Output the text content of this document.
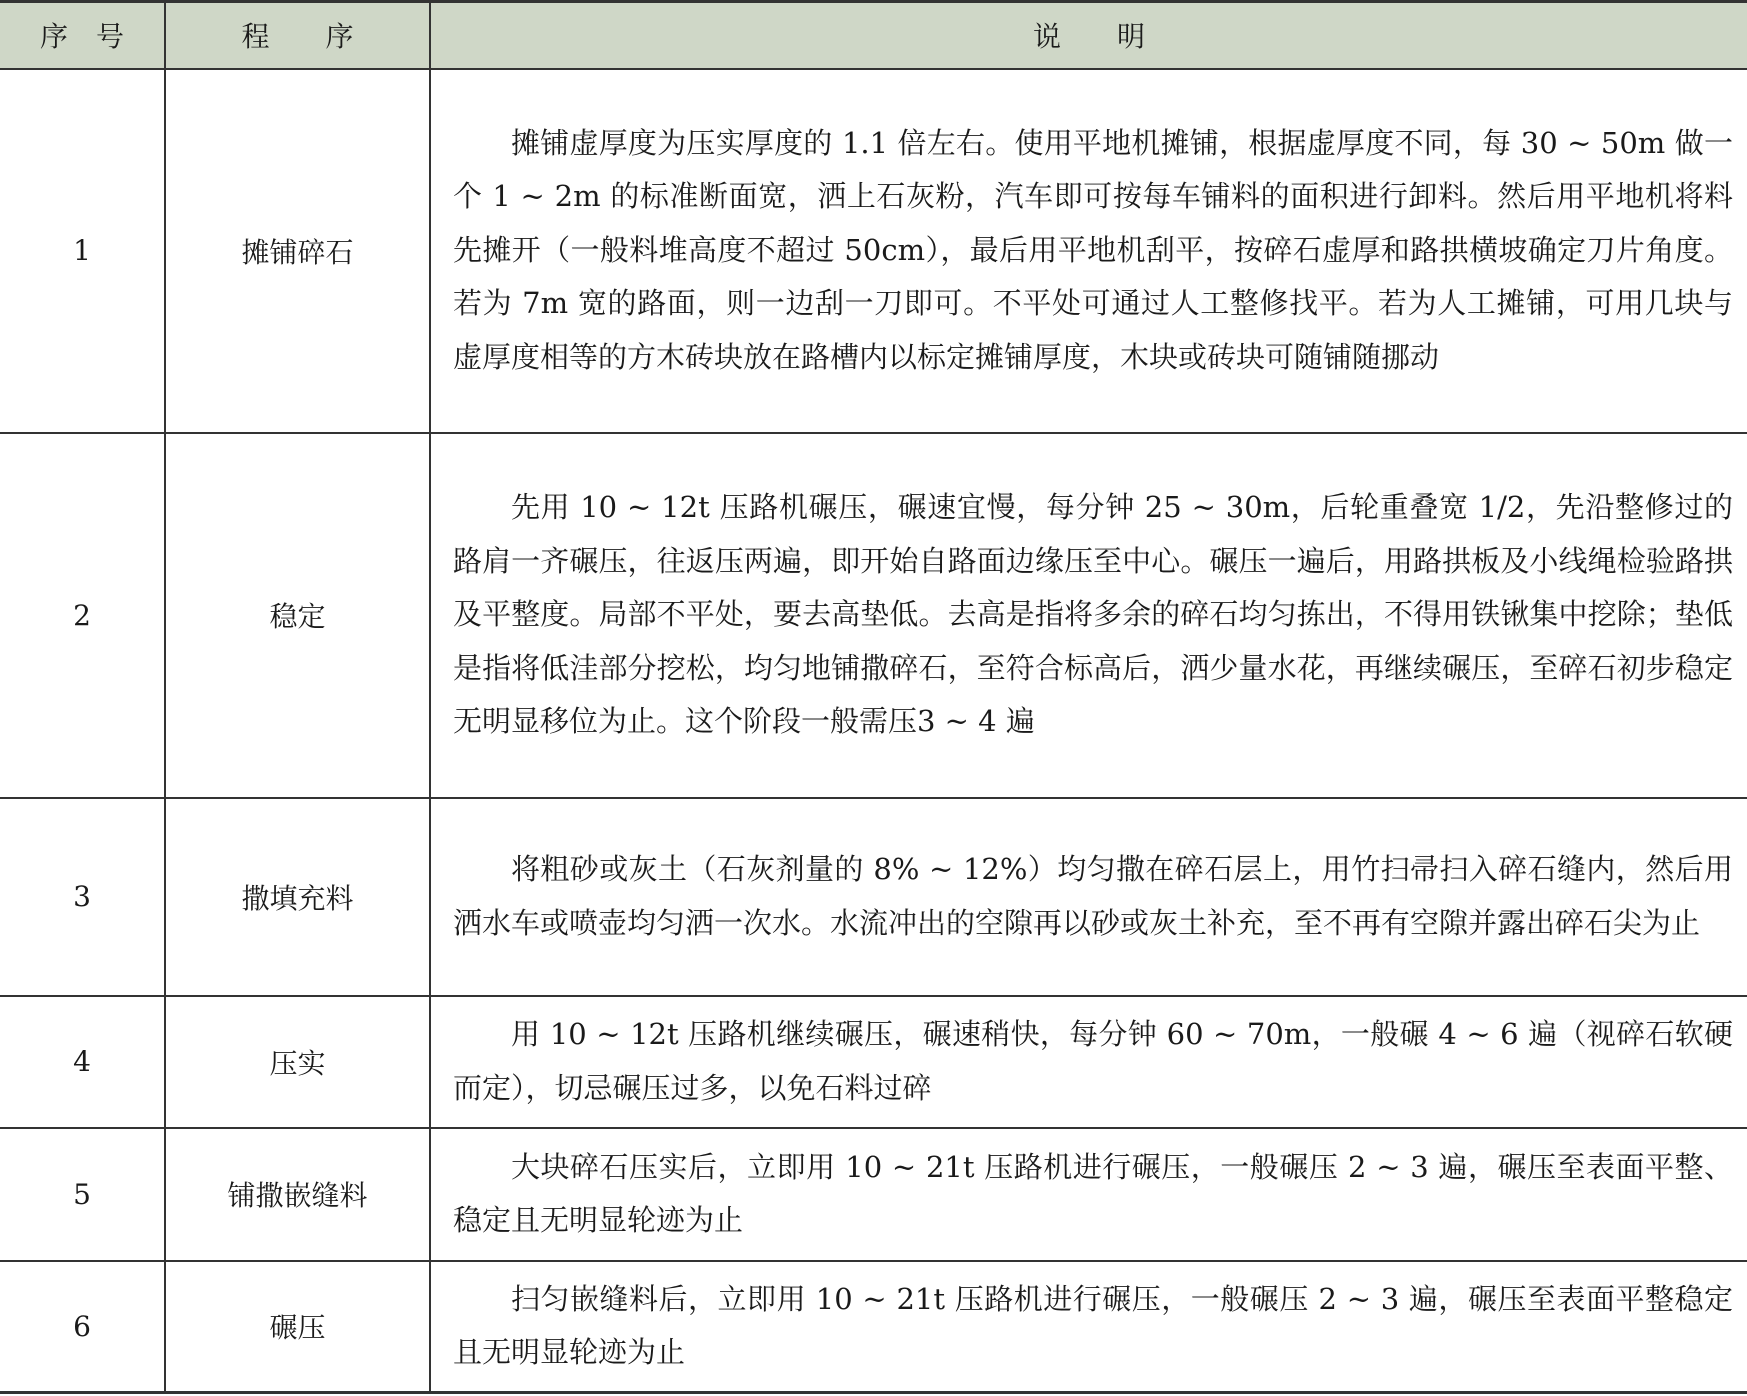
序　号	程　　序	说　　明
1	摊铺碎石	摊铺虚厚度为压实厚度的 1.1 倍左右。使用平地机摊铺，根据虚厚度不同，每 30 ~ 50m 做一个 1 ~ 2m 的标准断面宽，洒上石灰粉，汽车即可按每车铺料的面积进行卸料。然后用平地机将料先摊开（一般料堆高度不超过 50cm），最后用平地机刮平，按碎石虚厚和路拱横坡确定刀片角度。若为 7m 宽的路面，则一边刮一刀即可。不平处可通过人工整修找平。若为人工摊铺，可用几块与虚厚度相等的方木砖块放在路槽内以标定摊铺厚度，木块或砖块可随铺随挪动
2	稳定	先用 10 ~ 12t 压路机碾压，碾速宜慢，每分钟 25 ~ 30m，后轮重叠宽 1/2，先沿整修过的路肩一齐碾压，往返压两遍，即开始自路面边缘压至中心。碾压一遍后，用路拱板及小线绳检验路拱及平整度。局部不平处，要去高垫低。去高是指将多余的碎石均匀拣出，不得用铁锹集中挖除；垫低是指将低洼部分挖松，均匀地铺撒碎石，至符合标高后，洒少量水花，再继续碾压，至碎石初步稳定无明显移位为止。这个阶段一般需压3 ~ 4 遍
3	撒填充料	将粗砂或灰土（石灰剂量的 8% ~ 12%）均匀撒在碎石层上，用竹扫帚扫入碎石缝内，然后用洒水车或喷壶均匀洒一次水。水流冲出的空隙再以砂或灰土补充，至不再有空隙并露出碎石尖为止
4	压实	用 10 ~ 12t 压路机继续碾压，碾速稍快，每分钟 60 ~ 70m，一般碾 4 ~ 6 遍（视碎石软硬而定），切忌碾压过多，以免石料过碎
5	铺撒嵌缝料	大块碎石压实后，立即用 10 ~ 21t 压路机进行碾压，一般碾压 2 ~ 3 遍，碾压至表面平整、稳定且无明显轮迹为止
6	碾压	扫匀嵌缝料后，立即用 10 ~ 21t 压路机进行碾压，一般碾压 2 ~ 3 遍，碾压至表面平整稳定且无明显轮迹为止
